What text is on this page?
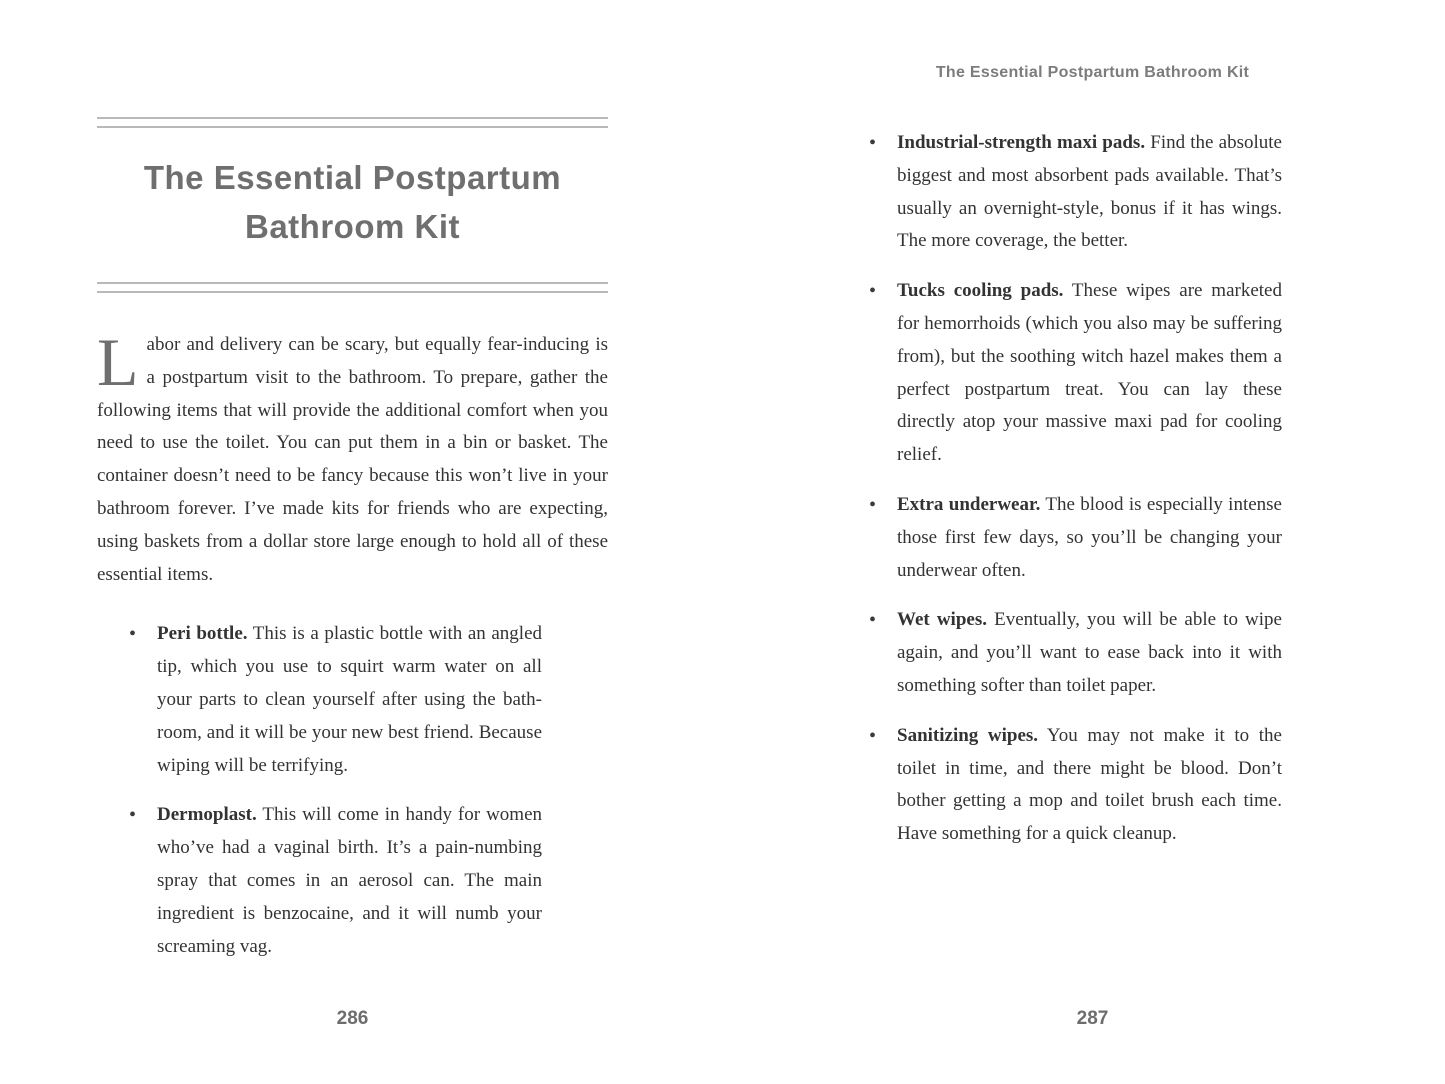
The Essential Postpartum
Bathroom Kit

Labor and delivery can be scary, but equally fear-inducing is a postpartum visit to the bathroom. To prepare, gather the following items that will provide the additional comfort when you need to use the toilet. You can put them in a bin or basket. The container doesn’t need to be fancy because this won’t live in your bathroom forever. I’ve made kits for friends who are expecting, using baskets from a dollar store large enough to hold all of these essential items.

•	Peri bottle. This is a plastic bottle with an angled tip, which you use to squirt warm water on all your parts to clean yourself after using the bathroom, and it will be your new best friend. Because wiping will be terrifying.
•	Dermoplast. This will come in handy for women who’ve had a vaginal birth. It’s a pain-numbing spray that comes in an aerosol can. The main ingredient is benzocaine, and it will numb your screaming vag.
286
The Essential Postpartum Bathroom Kit
•	Industrial-strength maxi pads. Find the absolute biggest and most absorbent pads available. That’s usually an overnight-style, bonus if it has wings. The more coverage, the better.
•	Tucks cooling pads. These wipes are marketed for hemorrhoids (which you also may be suffering from), but the soothing witch hazel makes them a perfect postpartum treat. You can lay these directly atop your massive maxi pad for cooling relief.
•	Extra underwear. The blood is especially intense those first few days, so you’ll be changing your underwear often.
•	Wet wipes. Eventually, you will be able to wipe again, and you’ll want to ease back into it with something softer than toilet paper.
•	Sanitizing wipes. You may not make it to the toilet in time, and there might be blood. Don’t bother getting a mop and toilet brush each time. Have something for a quick cleanup.
287
